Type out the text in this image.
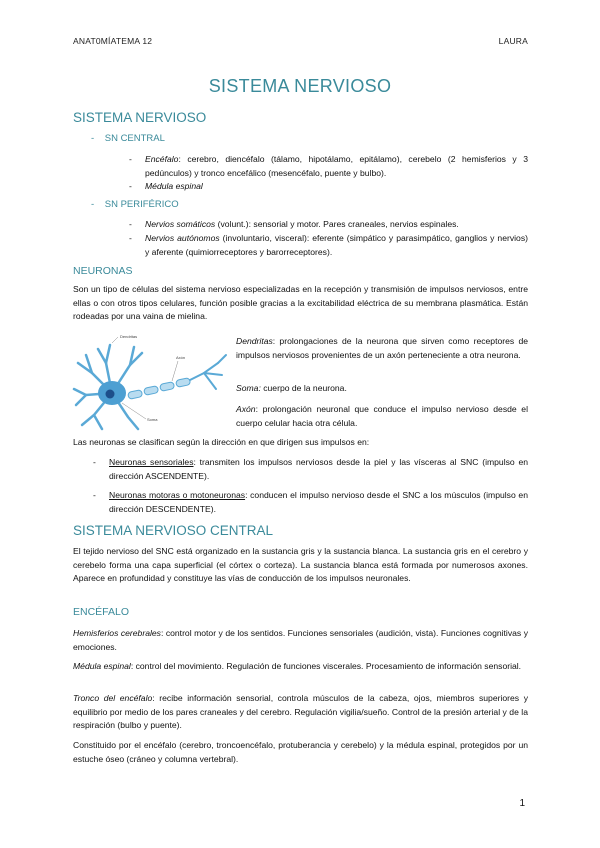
ANAT0MÍATEMA 12	LAURA
SISTEMA NERVIOSO
SISTEMA NERVIOSO
- SN CENTRAL
- Encéfalo: cerebro, diencéfalo (tálamo, hipotálamo, epitálamo), cerebelo (2 hemisferios y 3 pedúnculos) y tronco encefálico (mesencéfalo, puente y bulbo).
- Médula espinal
- SN PERIFÉRICO
- Nervios somáticos (volunt.): sensorial y motor. Pares craneales, nervios espinales.
- Nervios autónomos (involuntario, visceral): eferente (simpático y parasimpático, ganglios y nervios) y aferente (quimiorreceptores y barorreceptores).
NEURONAS
Son un tipo de células del sistema nervioso especializadas en la recepción y transmisión de impulsos nerviosos, entre ellas o con otros tipos celulares, función posible gracias a la excitabilidad eléctrica de su membrana plasmática. Están rodeadas por una vaina de mielina.
Dendritas
Axón
Soma
Dendritas: prolongaciones de la neurona que sirven como receptores de impulsos nerviosos provenientes de un axón perteneciente a otra neurona.
Soma: cuerpo de la neurona.
Axón: prolongación neuronal que conduce el impulso nervioso desde el cuerpo celular hacia otra célula.
Las neuronas se clasifican según la dirección en que dirigen sus impulsos en:
- Neuronas sensoriales: transmiten los impulsos nerviosos desde la piel y las vísceras al SNC (impulso en dirección ASCENDENTE).
- Neuronas motoras o motoneuronas: conducen el impulso nervioso desde el SNC a los músculos (impulso en dirección DESCENDENTE).
SISTEMA NERVIOSO CENTRAL
El tejido nervioso del SNC está organizado en la sustancia gris y la sustancia blanca. La sustancia gris en el cerebro y cerebelo forma una capa superficial (el córtex o corteza). La sustancia blanca está formada por numerosos axones. Aparece en profundidad y constituye las vías de conducción de los impulsos neuronales.
ENCÉFALO
Hemisferios cerebrales: control motor y de los sentidos. Funciones sensoriales (audición, vista). Funciones cognitivas y emociones.
Médula espinal: control del movimiento. Regulación de funciones viscerales. Procesamiento de información sensorial.
Tronco del encéfalo: recibe información sensorial, controla músculos de la cabeza, ojos, miembros superiores y equilibrio por medio de los pares craneales y del cerebro. Regulación vigilia/sueño. Control de la presión arterial y de la respiración (bulbo y puente).
Constituido por el encéfalo (cerebro, troncoencéfalo, protuberancia y cerebelo) y la médula espinal, protegidos por un estuche óseo (cráneo y columna vertebral).
1
